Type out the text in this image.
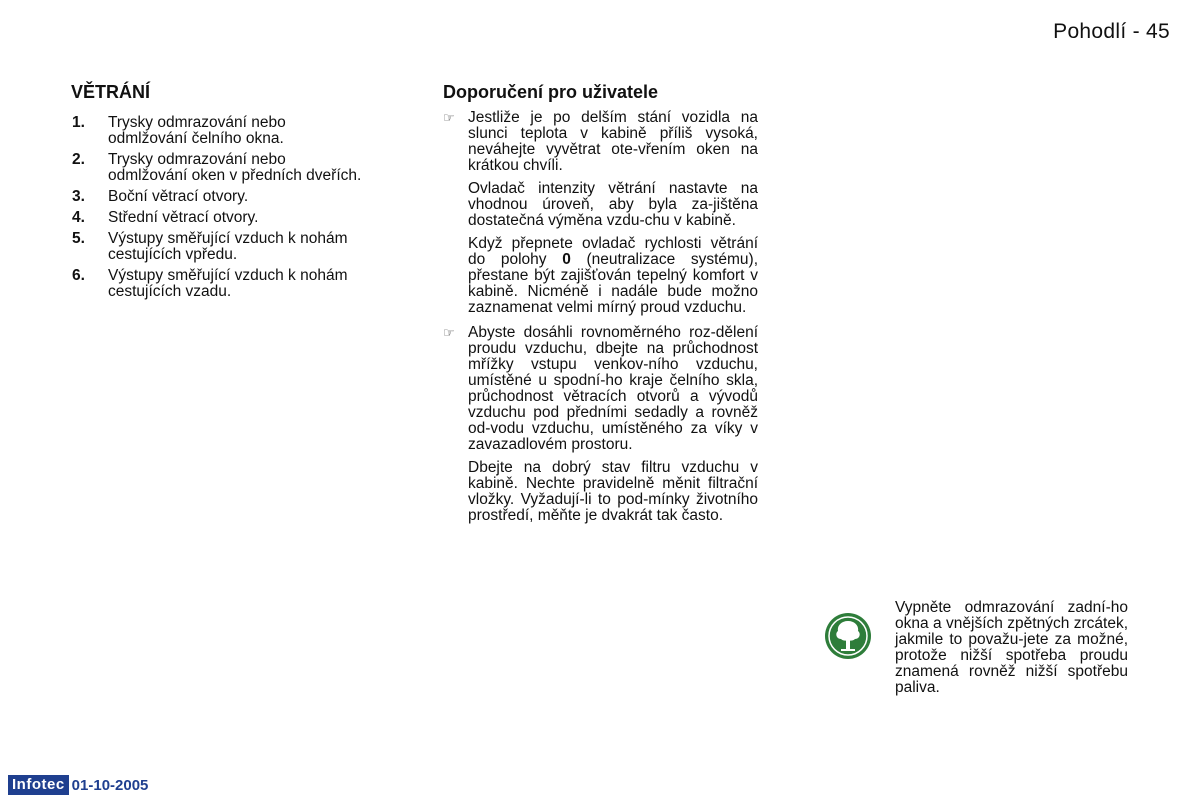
Pohodlí - 45
VĚTRÁNÍ
1.	Trysky odmrazování nebo odmlžování čelního okna.
2.	Trysky odmrazování nebo odmlžování oken v předních dveřích.
3.	Boční větrací otvory.
4.	Střední větrací otvory.
5.	Výstupy směřující vzduch k nohám cestujících vpředu.
6.	Výstupy směřující vzduch k nohám cestujících vzadu.
Doporučení pro uživatele
☞ Jestliže je po delším stání vozidla na slunci teplota v kabině příliš vysoká, neváhejte vyvětrat ote-vřením oken na krátkou chvíli.

Ovladač intenzity větrání nastavte na vhodnou úroveň, aby byla za-jištěna dostatečná výměna vzdu-chu v kabině.

Když přepnete ovladač rychlosti větrání do polohy 0 (neutralizace systému), přestane být zajišťován tepelný komfort v kabině. Nicméně i nadále bude možno zaznamenat velmi mírný proud vzduchu.

☞ Abyste dosáhli rovnoměrného roz-dělení proudu vzduchu, dbejte na průchodnost mřížky vstupu venkov-ního vzduchu, umístěné u spodní-ho kraje čelního skla, průchodnost větracích otvorů a vývodů vzduchu pod předními sedadly a rovněž od-vodu vzduchu, umístěného za víky v zavazadlovém prostoru.

Dbejte na dobrý stav filtru vzduchu v kabině. Nechte pravidelně měnit filtrační vložky. Vyžadují-li to pod-mínky životního prostředí, měňte je dvakrát tak často.

Vypněte odmrazování zadní-ho okna a vnějších zpětných zrcátek, jakmile to považu-jete za možné, protože nižší spotřeba proudu znamená rovněž nižší spotřebu paliva.
Infotec 01-10-2005
